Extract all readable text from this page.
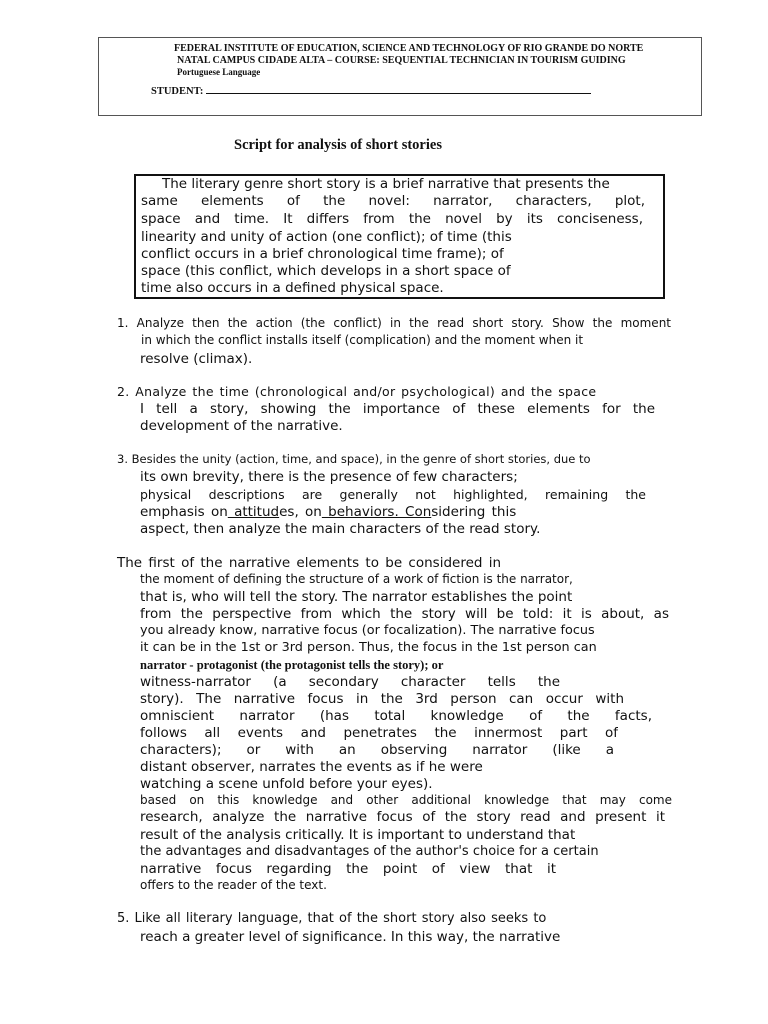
FEDERAL INSTITUTE OF EDUCATION, SCIENCE AND TECHNOLOGY OF RIO GRANDE DO NORTE
NATAL CAMPUS CIDADE ALTA – COURSE: SEQUENTIAL TECHNICIAN IN TOURISM GUIDING
Portuguese Language
STUDENT:
Script for analysis of short stories

The literary genre short story is a brief narrative that presents the

same elements of the novel: narrator, characters, plot,

space and time. It differs from the novel by its conciseness,

linearity and unity of action (one conflict); of time (this

conflict occurs in a brief chronological time frame); of

space (this conflict, which develops in a short space of

time also occurs in a defined physical space.

1. Analyze then the action (the conflict) in the read short story. Show the moment

in which the conflict installs itself (complication) and the moment when it

resolve (climax).

2. Analyze the time (chronological and/or psychological) and the space

I tell a story, showing the importance of these elements for the

development of the narrative.

3. Besides the unity (action, time, and space), in the genre of short stories, due to

its own brevity, there is the presence of few characters;

physical descriptions are generally not highlighted, remaining the

emphasis on attitudes, on behaviors. Considering this

aspect, then analyze the main characters of the read story.

The first of the narrative elements to be considered in

the moment of defining the structure of a work of fiction is the narrator,

that is, who will tell the story. The narrator establishes the point

from the perspective from which the story will be told: it is about, as

you already know, narrative focus (or focalization). The narrative focus

it can be in the 1st or 3rd person. Thus, the focus in the 1st person can

narrator - protagonist (the protagonist tells the story); or

witness-narrator (a secondary character tells the

story). The narrative focus in the 3rd person can occur with

omniscient narrator (has total knowledge of the facts,

follows all events and penetrates the innermost part of

characters); or with an observing narrator (like a

distant observer, narrates the events as if he were

watching a scene unfold before your eyes).

based on this knowledge and other additional knowledge that may come

research, analyze the narrative focus of the story read and present it

result of the analysis critically. It is important to understand that

the advantages and disadvantages of the author's choice for a certain

narrative focus regarding the point of view that it

offers to the reader of the text.

5. Like all literary language, that of the short story also seeks to

reach a greater level of significance. In this way, the narrative
